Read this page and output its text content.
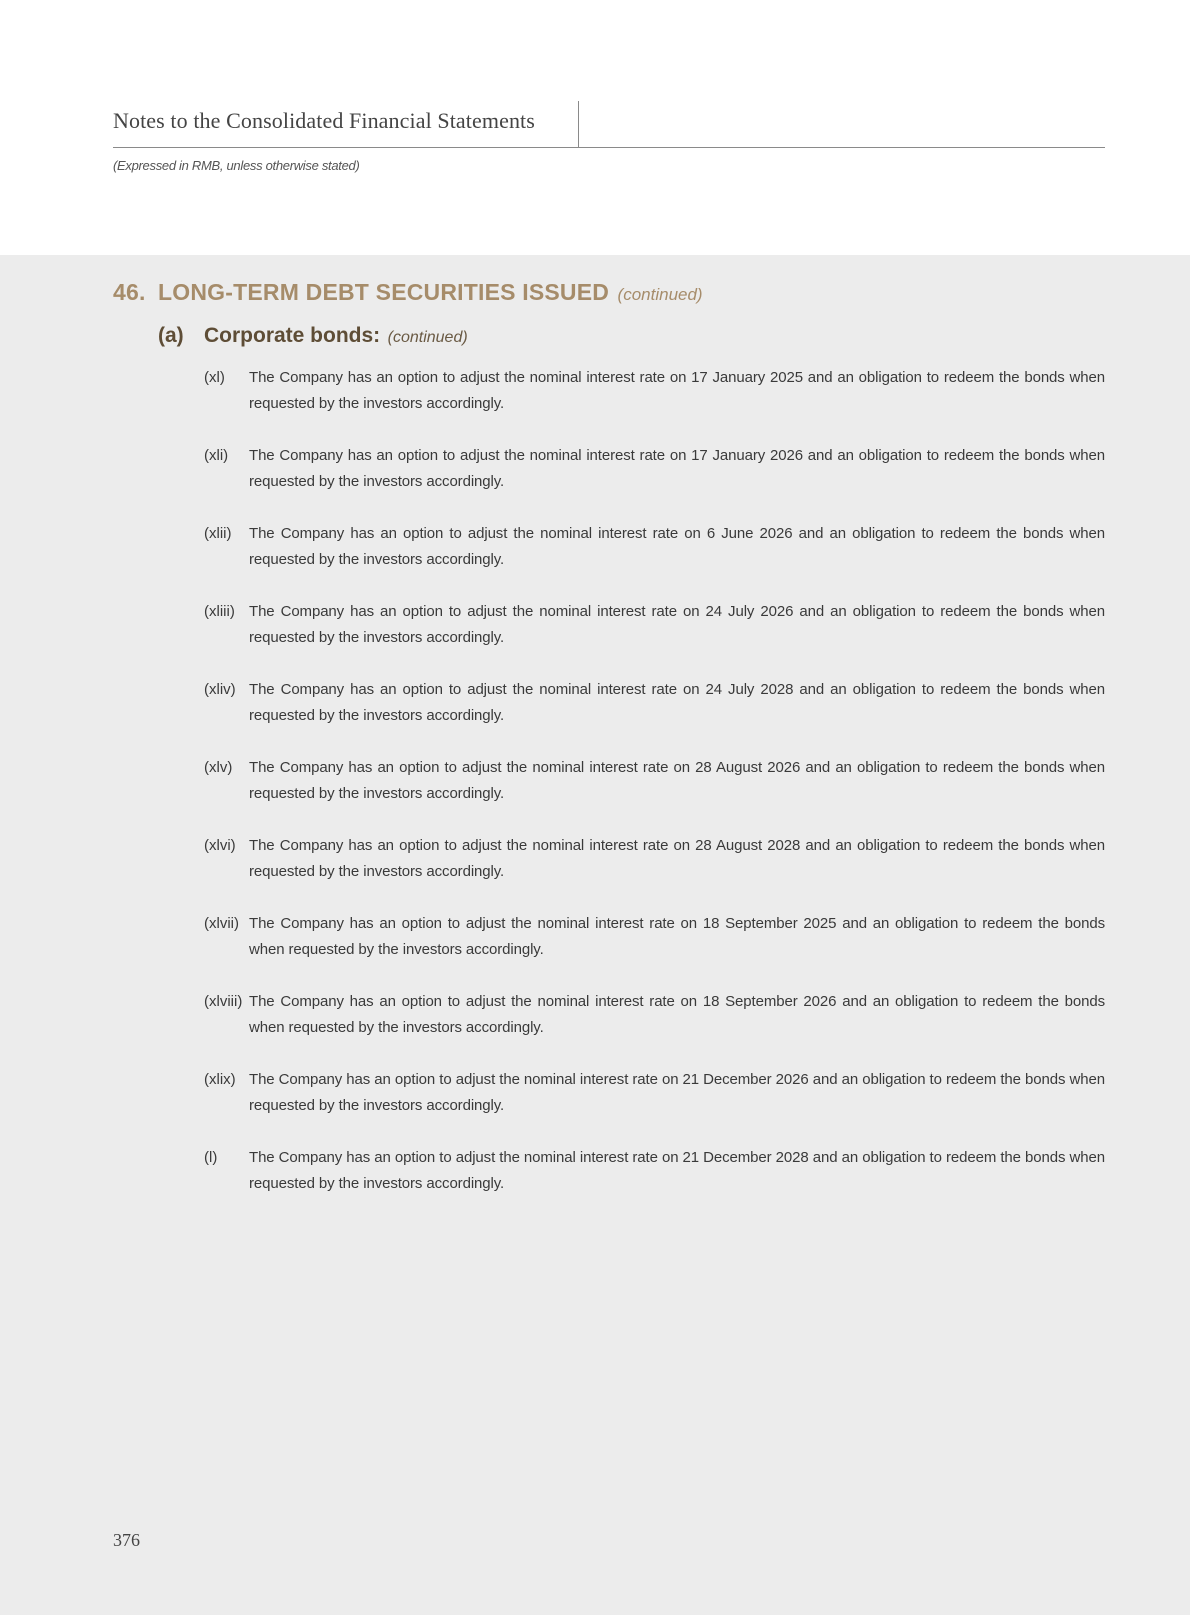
Notes to the Consolidated Financial Statements
(Expressed in RMB, unless otherwise stated)
46. LONG-TERM DEBT SECURITIES ISSUED (continued)
(a) Corporate bonds: (continued)
(xl)	The Company has an option to adjust the nominal interest rate on 17 January 2025 and an obligation to redeem the bonds when requested by the investors accordingly.
(xli)	The Company has an option to adjust the nominal interest rate on 17 January 2026 and an obligation to redeem the bonds when requested by the investors accordingly.
(xlii)	The Company has an option to adjust the nominal interest rate on 6 June 2026 and an obligation to redeem the bonds when requested by the investors accordingly.
(xliii) The Company has an option to adjust the nominal interest rate on 24 July 2026 and an obligation to redeem the bonds when requested by the investors accordingly.
(xliv) The Company has an option to adjust the nominal interest rate on 24 July 2028 and an obligation to redeem the bonds when requested by the investors accordingly.
(xlv)	The Company has an option to adjust the nominal interest rate on 28 August 2026 and an obligation to redeem the bonds when requested by the investors accordingly.
(xlvi) The Company has an option to adjust the nominal interest rate on 28 August 2028 and an obligation to redeem the bonds when requested by the investors accordingly.
(xlvii) The Company has an option to adjust the nominal interest rate on 18 September 2025 and an obligation to redeem the bonds when requested by the investors accordingly.
(xlviii) The Company has an option to adjust the nominal interest rate on 18 September 2026 and an obligation to redeem the bonds when requested by the investors accordingly.
(xlix) The Company has an option to adjust the nominal interest rate on 21 December 2026 and an obligation to redeem the bonds when requested by the investors accordingly.
(l)	The Company has an option to adjust the nominal interest rate on 21 December 2028 and an obligation to redeem the bonds when requested by the investors accordingly.
376
